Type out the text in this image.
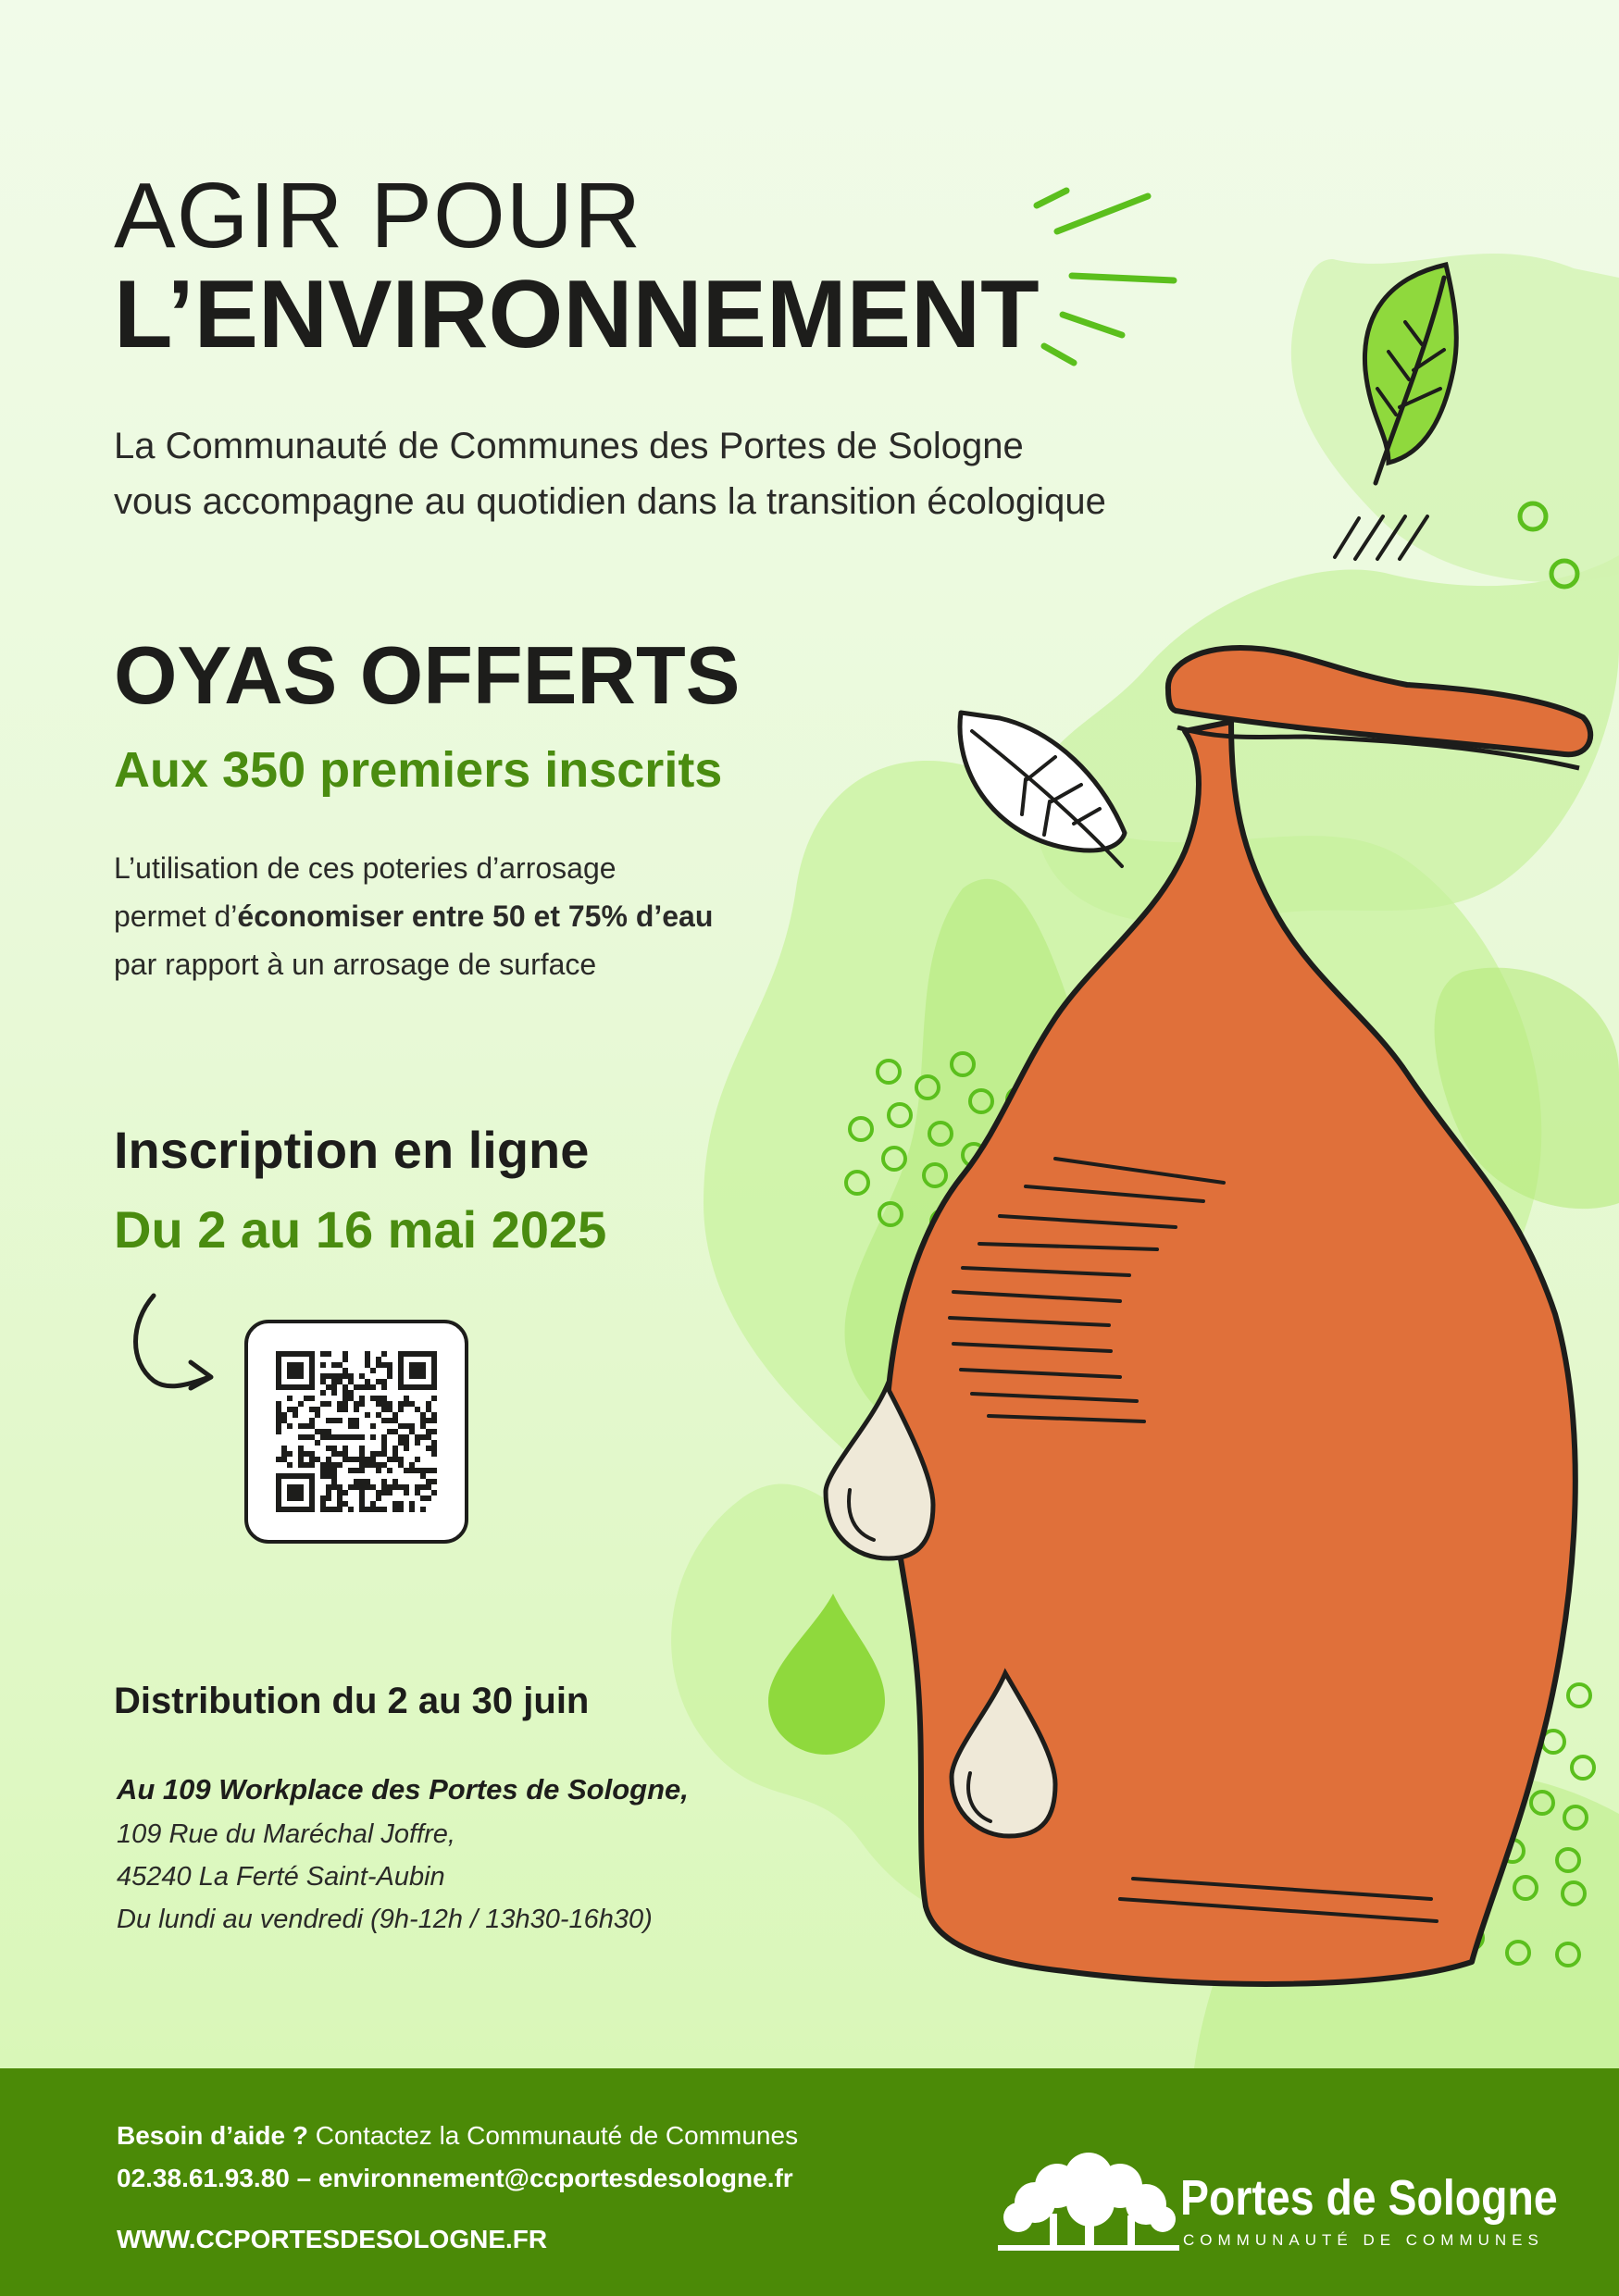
AGIR POUR
L’ENVIRONNEMENT
La Communauté de Communes des Portes de Sologne
vous accompagne au quotidien dans la transition écologique
OYAS OFFERTS
Aux 350 premiers inscrits
L’utilisation de ces poteries d’arrosage
permet d’économiser entre 50 et 75% d’eau
par rapport à un arrosage de surface
Inscription en ligne
Du 2 au 16 mai 2025
Distribution du 2 au 30 juin
Au 109 Workplace des Portes de Sologne,
109 Rue du Maréchal Joffre,
45240 La Ferté Saint-Aubin
Du lundi au vendredi (9h-12h / 13h30-16h30)
Besoin d’aide ? Contactez la Communauté de Communes
02.38.61.93.80 – environnement@ccportesdesologne.fr
WWW.CCPORTESDESOLOGNE.FR
Portes de Sologne
COMMUNAUTÉ DE COMMUNES
